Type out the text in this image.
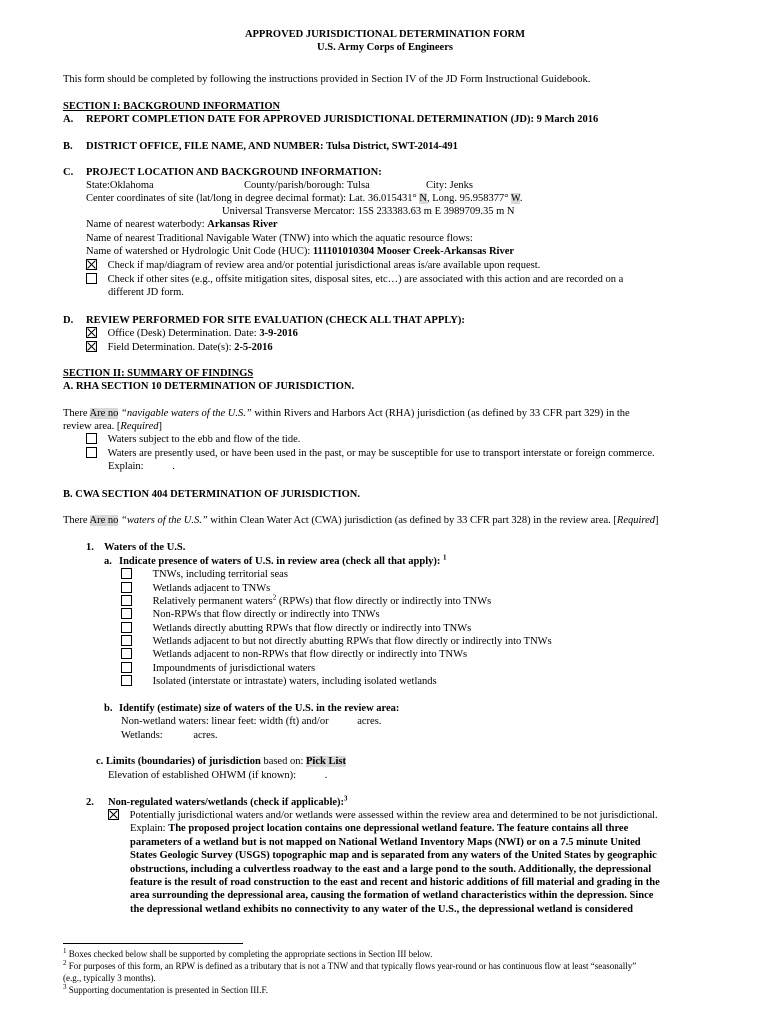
APPROVED JURISDICTIONAL DETERMINATION FORM
U.S. Army Corps of Engineers
This form should be completed by following the instructions provided in Section IV of the JD Form Instructional Guidebook.
SECTION I: BACKGROUND INFORMATION
A. REPORT COMPLETION DATE FOR APPROVED JURISDICTIONAL DETERMINATION (JD): 9 March 2016
B. DISTRICT OFFICE, FILE NAME, AND NUMBER: Tulsa District, SWT-2014-491
C. PROJECT LOCATION AND BACKGROUND INFORMATION:
State:Oklahoma	County/parish/borough: Tulsa	City: Jenks
Center coordinates of site (lat/long in degree decimal format): Lat. 36.015431° N, Long. 95.958377° W.
Universal Transverse Mercator: 15S 233383.63 m E 3989709.35 m N
Name of nearest waterbody: Arkansas River
Name of nearest Traditional Navigable Water (TNW) into which the aquatic resource flows:
Name of watershed or Hydrologic Unit Code (HUC): 111101010304 Mooser Creek-Arkansas River
Check if map/diagram of review area and/or potential jurisdictional areas is/are available upon request.
Check if other sites (e.g., offsite mitigation sites, disposal sites, etc…) are associated with this action and are recorded on a
different JD form.
D. REVIEW PERFORMED FOR SITE EVALUATION (CHECK ALL THAT APPLY):
Office (Desk) Determination. Date: 3-9-2016
Field Determination. Date(s): 2-5-2016
SECTION II: SUMMARY OF FINDINGS
A. RHA SECTION 10 DETERMINATION OF JURISDICTION.
There Are no “navigable waters of the U.S.” within Rivers and Harbors Act (RHA) jurisdiction (as defined by 33 CFR part 329) in the
review area. [Required]
Waters subject to the ebb and flow of the tide.
Waters are presently used, or have been used in the past, or may be susceptible for use to transport interstate or foreign commerce.
Explain:	.
B. CWA SECTION 404 DETERMINATION OF JURISDICTION.
There Are no “waters of the U.S.” within Clean Water Act (CWA) jurisdiction (as defined by 33 CFR part 328) in the review area. [Required]
1. Waters of the U.S.
a. Indicate presence of waters of U.S. in review area (check all that apply): $^1$
TNWs, including territorial seas
Wetlands adjacent to TNWs
Relatively permanent waters$^2$ (RPWs) that flow directly or indirectly into TNWs
Non-RPWs that flow directly or indirectly into TNWs
Wetlands directly abutting RPWs that flow directly or indirectly into TNWs
Wetlands adjacent to but not directly abutting RPWs that flow directly or indirectly into TNWs
Wetlands adjacent to non-RPWs that flow directly or indirectly into TNWs
Impoundments of jurisdictional waters
Isolated (interstate or intrastate) waters, including isolated wetlands
b. Identify (estimate) size of waters of the U.S. in the review area:
Non-wetland waters: linear feet: width (ft) and/or	acres.
Wetlands:	acres.
c. Limits (boundaries) of jurisdiction based on: Pick List
Elevation of established OHWM (if known):	.
2. Non-regulated waters/wetlands (check if applicable):$^3$
Potentially jurisdictional waters and/or wetlands were assessed within the review area and determined to be not jurisdictional.
Explain: The proposed project location contains one depressional wetland feature. The feature contains all three
parameters of a wetland but is not mapped on National Wetland Inventory Maps (NWI) or on a 7.5 minute United
States Geologic Survey (USGS) topographic map and is separated from any waters of the United States by geographic
obstructions, including a culvertless roadway to the east and a large pond to the south. Additionally, the depressional
feature is the result of road construction to the east and recent and historic additions of fill material and grading in the
area surrounding the depressional area, causing the formation of wetland characteristics within the depression. Since
the depressional wetland exhibits no connectivity to any water of the U.S., the depressional wetland is considered
$^1$ Boxes checked below shall be supported by completing the appropriate sections in Section III below.
$^2$ For purposes of this form, an RPW is defined as a tributary that is not a TNW and that typically flows year-round or has continuous flow at least “seasonally”
(e.g., typically 3 months).
$^3$ Supporting documentation is presented in Section III.F.
